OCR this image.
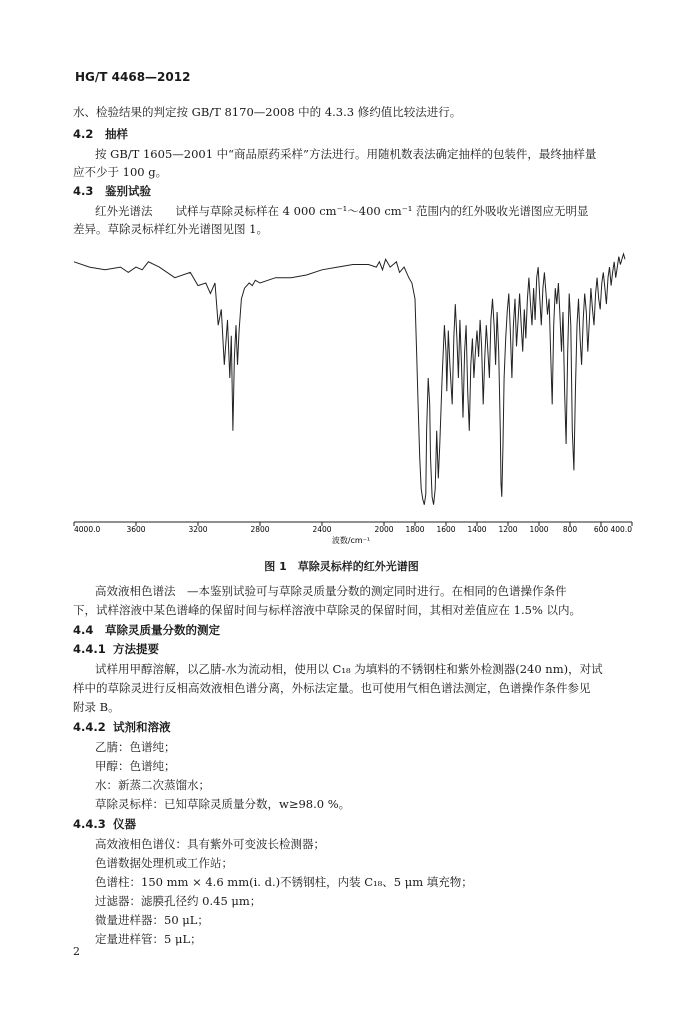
HG/T 4468—2012
水、检验结果的判定按 GB/T 8170—2008 中的 4.3.3 修约值比较法进行。
4.2 抽样
按 GB/T 1605—2001 中“商品原药采样”方法进行。用随机数表法确定抽样的包装件，最终抽样量
应不少于 100 g。
4.3 鉴别试验
红外光谱法　　试样与草除灵标样在 4 000 cm⁻¹～400 cm⁻¹ 范围内的红外吸收光谱图应无明显
差异。草除灵标样红外光谱图见图 1。
4000.0	3600	3200	2800	2400	2000 1800 1600 1400 1200 1000 800 600 400.0
波数/cm⁻¹
图 1　草除灵标样的红外光谱图
高效液相色谱法　—本鉴别试验可与草除灵质量分数的测定同时进行。在相同的色谱操作条件
下，试样溶液中某色谱峰的保留时间与标样溶液中草除灵的保留时间，其相对差值应在 1.5% 以内。
4.4 草除灵质量分数的测定
4.4.1 方法提要
试样用甲醇溶解，以乙腈-水为流动相，使用以 C₁₈ 为填料的不锈钢柱和紫外检测器(240 nm)，对试
样中的草除灵进行反相高效液相色谱分离，外标法定量。也可使用气相色谱法测定，色谱操作条件参见
附录 B。
4.4.2 试剂和溶液
乙腈：色谱纯；
甲醇：色谱纯；
水：新蒸二次蒸馏水；
草除灵标样：已知草除灵质量分数，w≥98.0 %。
4.4.3 仪器
高效液相色谱仪：具有紫外可变波长检测器；
色谱数据处理机或工作站；
色谱柱：150 mm × 4.6 mm(i. d.)不锈钢柱，内装 C₁₈、5 μm 填充物；
过滤器：滤膜孔径约 0.45 μm；
微量进样器：50 μL；
定量进样管：5 μL；
2
